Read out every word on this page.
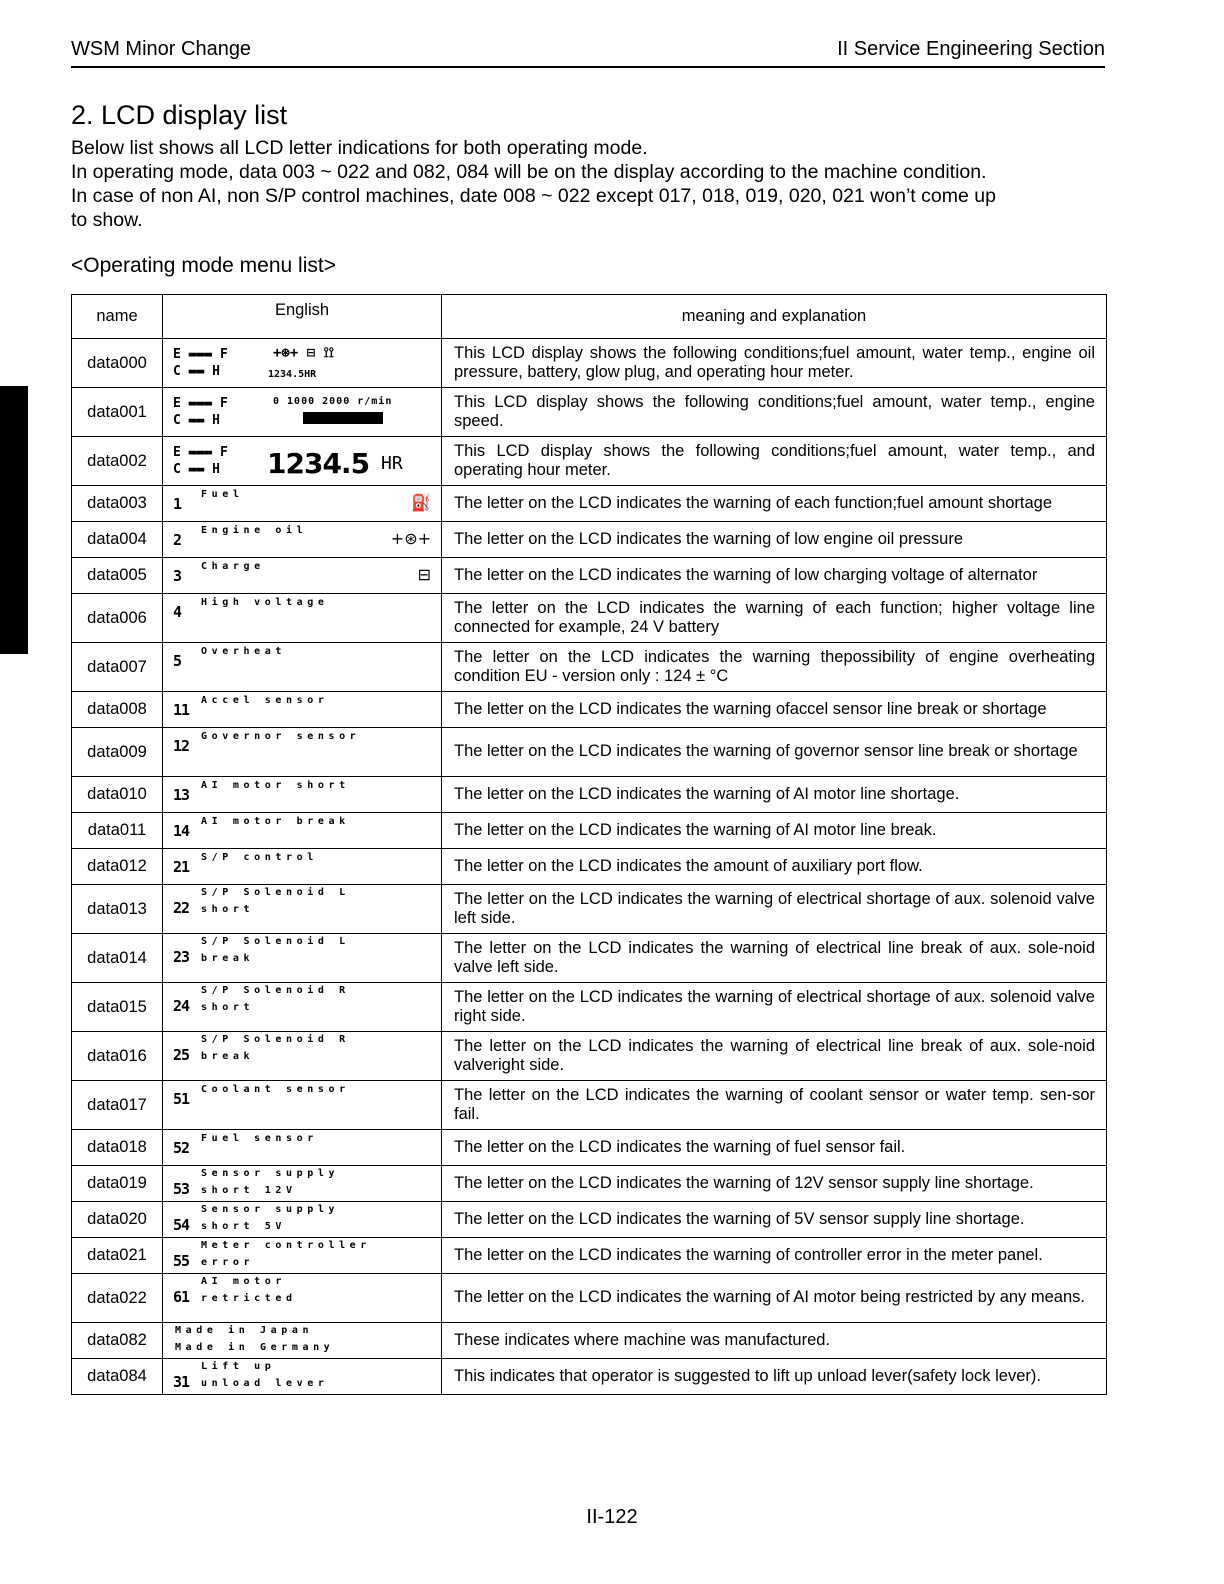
WSM Minor Change	II Service Engineering Section
2. LCD display list
Below list shows all LCD letter indications for both operating mode.
In operating mode, data 003 ~ 022 and 082, 084 will be on the display according to the machine condition.
In case of non AI, non S/P control machines, date 008 ~ 022 except 017, 018, 019, 020, 021 won’t come up
to show.
<Operating mode menu list>
name	English	meaning and explanation
data000	E ▬▬▬ F
C ▬▬ H 1234.5HR
+⊛+ ⊟ ⟟⟟	This LCD display shows the following conditions;fuel amount, water temp., engine oil pressure, battery, glow plug, and operating hour meter.
data001	E ▬▬▬ F
C ▬▬ H
0 1000 2000 r/min	This LCD display shows the following conditions;fuel amount, water temp., engine speed.
data002	E ▬▬▬ F
C ▬▬ H 1234.5 HR	This LCD display shows the following conditions;fuel amount, water temp., and operating hour meter.
data003	1
Fuel ⛽	The letter on the LCD indicates the warning of each function;fuel amount shortage
data004	2
Engine oil +⊛+	The letter on the LCD indicates the warning of low engine oil pressure
data005	3
Charge ⊟	The letter on the LCD indicates the warning of low charging voltage of alternator
data006	4
High voltage	The letter on the LCD indicates the warning of each function; higher voltage line connected for example, 24 V battery
data007	5
Overheat	The letter on the LCD indicates the warning thepossibility of engine overheating condition EU - version only : 124 ± °C
data008	11
Accel sensor	The letter on the LCD indicates the warning ofaccel sensor line break or shortage
data009	12
Governor sensor	The letter on the LCD indicates the warning of governor sensor line break or shortage
data010	13
AI motor short	The letter on the LCD indicates the warning of AI motor line shortage.
data011	14
AI motor break	The letter on the LCD indicates the warning of AI motor line break.
data012	21
S/P control	The letter on the LCD indicates the amount of auxiliary port flow.
data013	22
S/P Solenoid L
short	The letter on the LCD indicates the warning of electrical shortage of aux. solenoid valve left side.
data014	23
S/P Solenoid L
break	The letter on the LCD indicates the warning of electrical line break of aux. sole-noid valve left side.
data015	24
S/P Solenoid R
short	The letter on the LCD indicates the warning of electrical shortage of aux. solenoid valve right side.
data016	25
S/P Solenoid R
break	The letter on the LCD indicates the warning of electrical line break of aux. sole-noid valveright side.
data017	51
Coolant sensor	The letter on the LCD indicates the warning of coolant sensor or water temp. sen-sor fail.
data018	52
Fuel sensor	The letter on the LCD indicates the warning of fuel sensor fail.
data019	53
Sensor supply
short 12V	The letter on the LCD indicates the warning of 12V sensor supply line shortage.
data020	54
Sensor supply
short 5V	The letter on the LCD indicates the warning of 5V sensor supply line shortage.
data021	55
Meter controller
error	The letter on the LCD indicates the warning of controller error in the meter panel.
data022	61
AI motor
retricted	The letter on the LCD indicates the warning of AI motor being restricted by any means.
data082	Made in Japan
Made in Germany	These indicates where machine was manufactured.
data084	31
Lift up
unload lever	This indicates that operator is suggested to lift up unload lever(safety lock lever).
II-122
